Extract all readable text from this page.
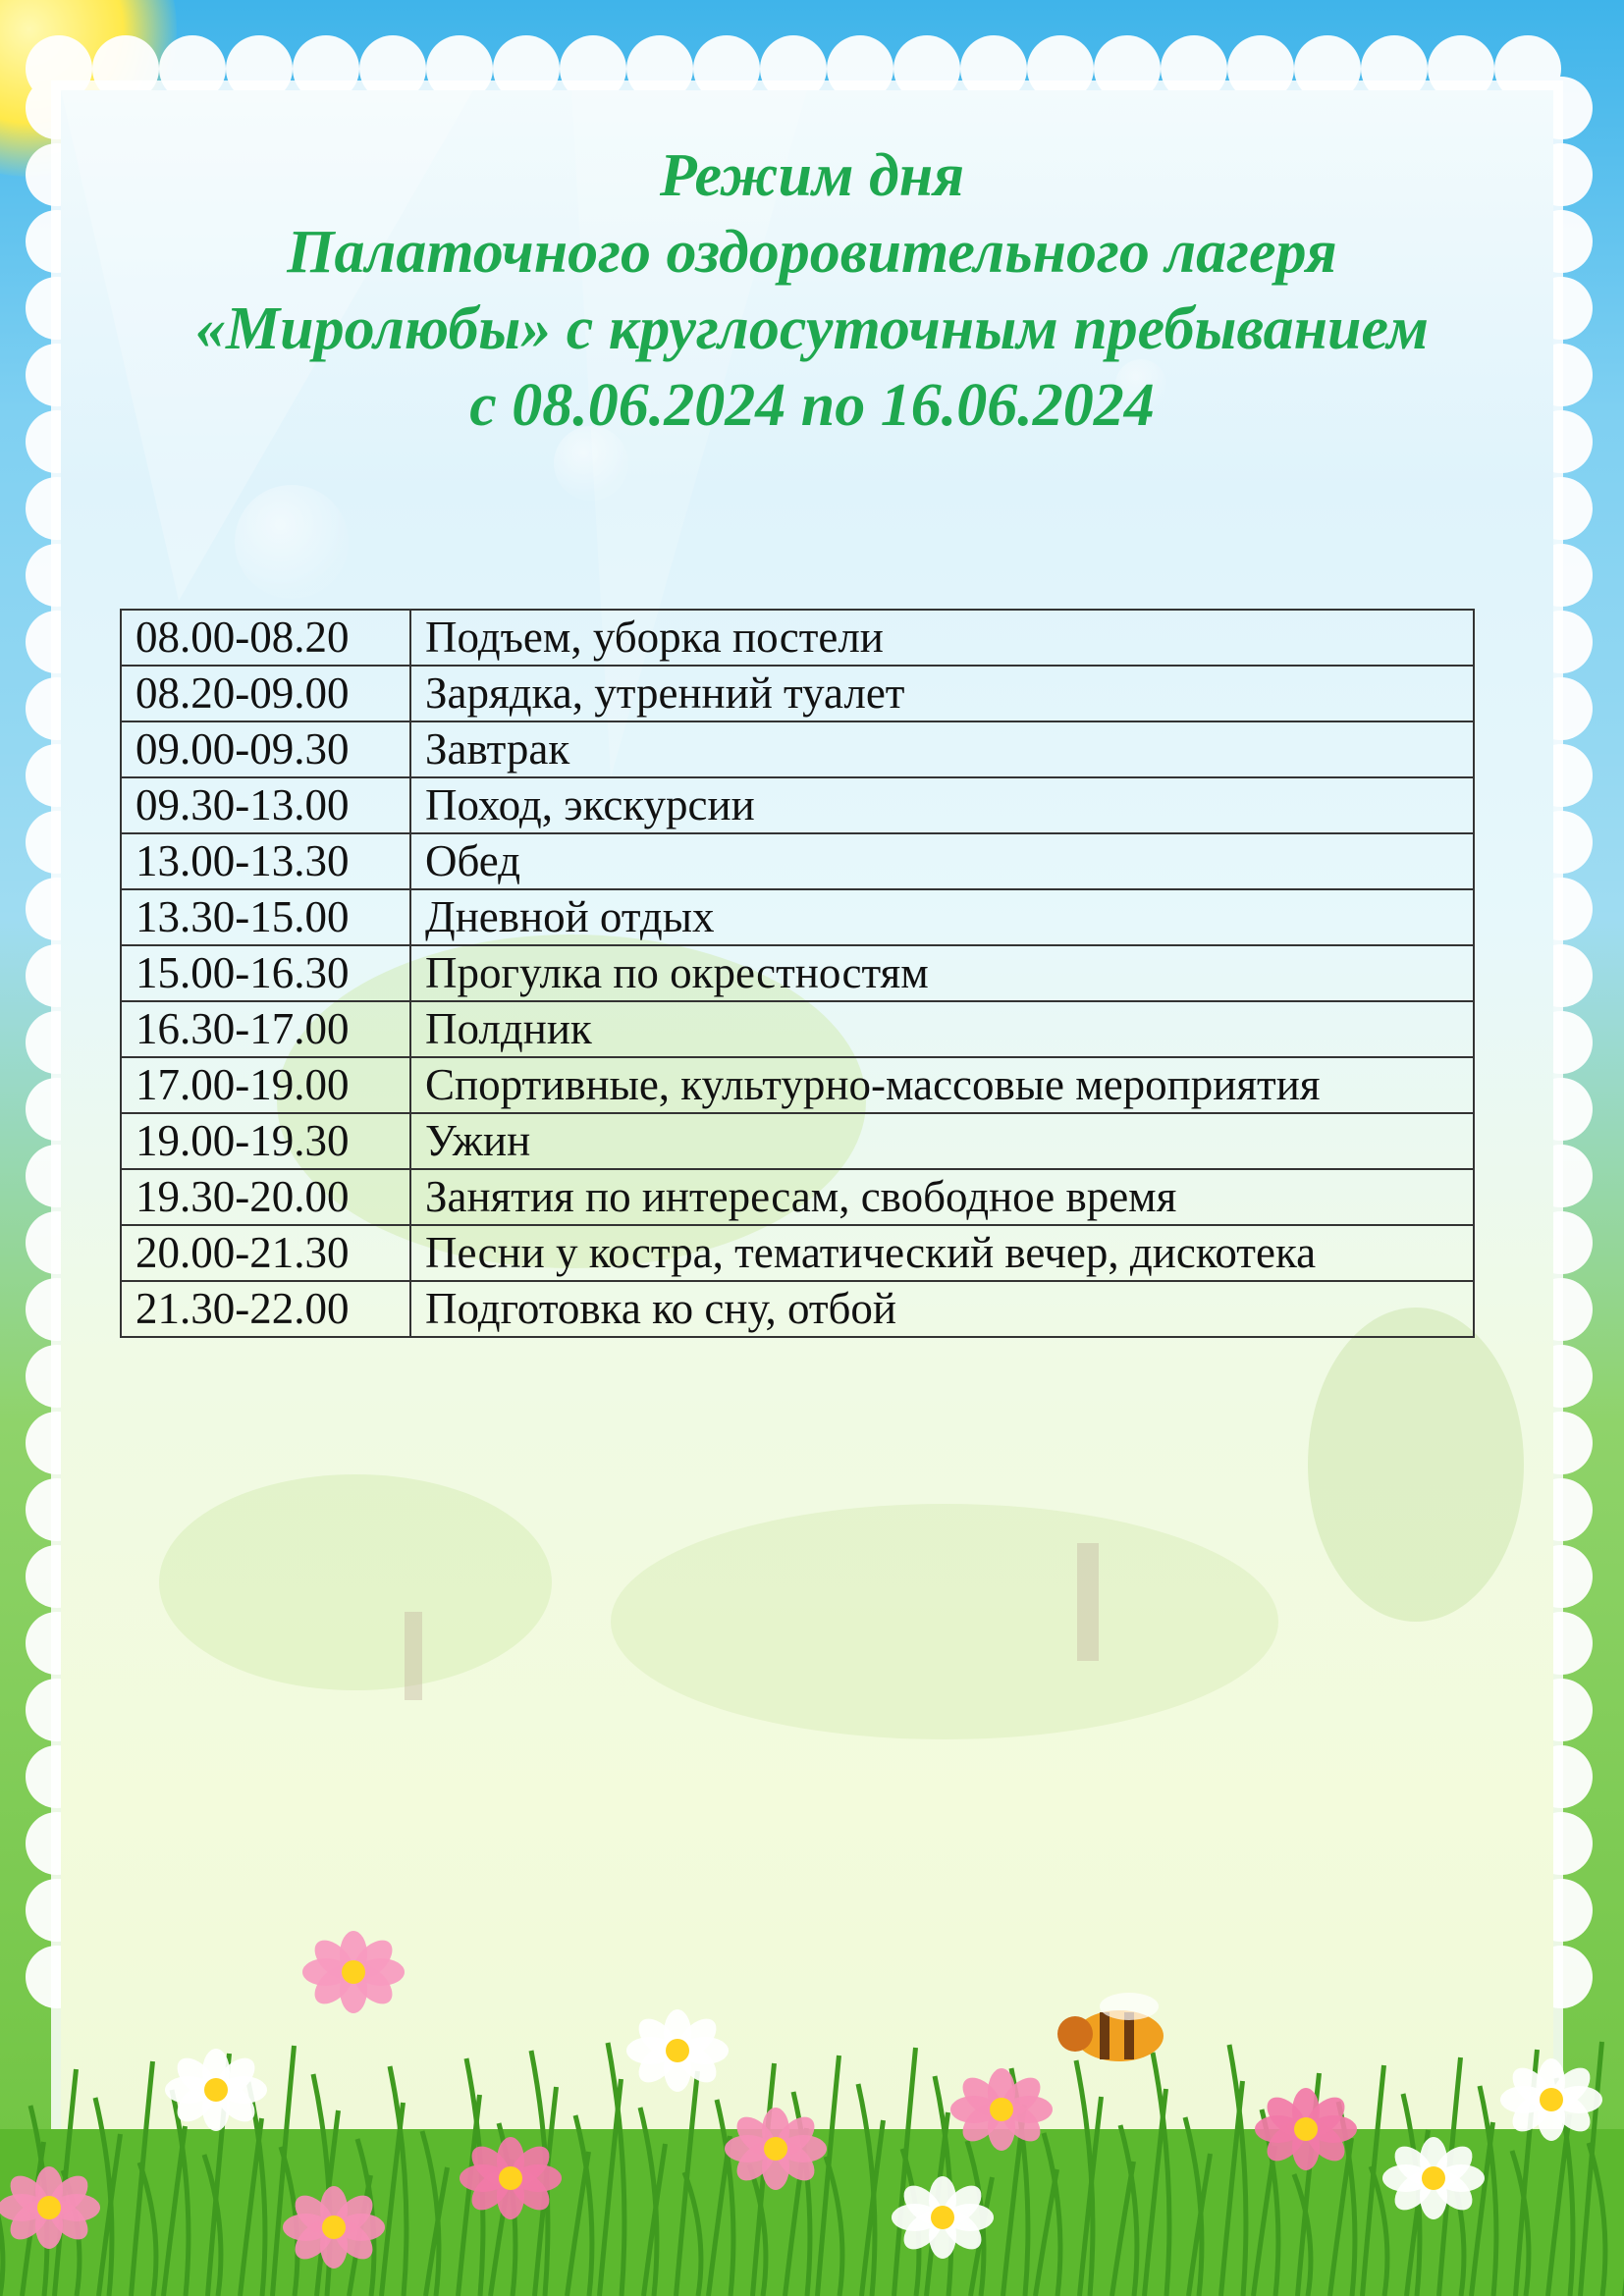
Режим дня
Палаточного оздоровительного лагеря
«Миролюбы» с круглосуточным пребыванием
с 08.06.2024 по 16.06.2024
08.00-08.20	Подъем, уборка постели
08.20-09.00	Зарядка, утренний туалет
09.00-09.30	Завтрак
09.30-13.00	Поход, экскурсии
13.00-13.30	Обед
13.30-15.00	Дневной отдых
15.00-16.30	Прогулка по окрестностям
16.30-17.00	Полдник
17.00-19.00	Спортивные, культурно-массовые мероприятия
19.00-19.30	Ужин
19.30-20.00	Занятия по интересам, свободное время
20.00-21.30	Песни у костра, тематический вечер, дискотека
21.30-22.00	Подготовка ко сну, отбой
